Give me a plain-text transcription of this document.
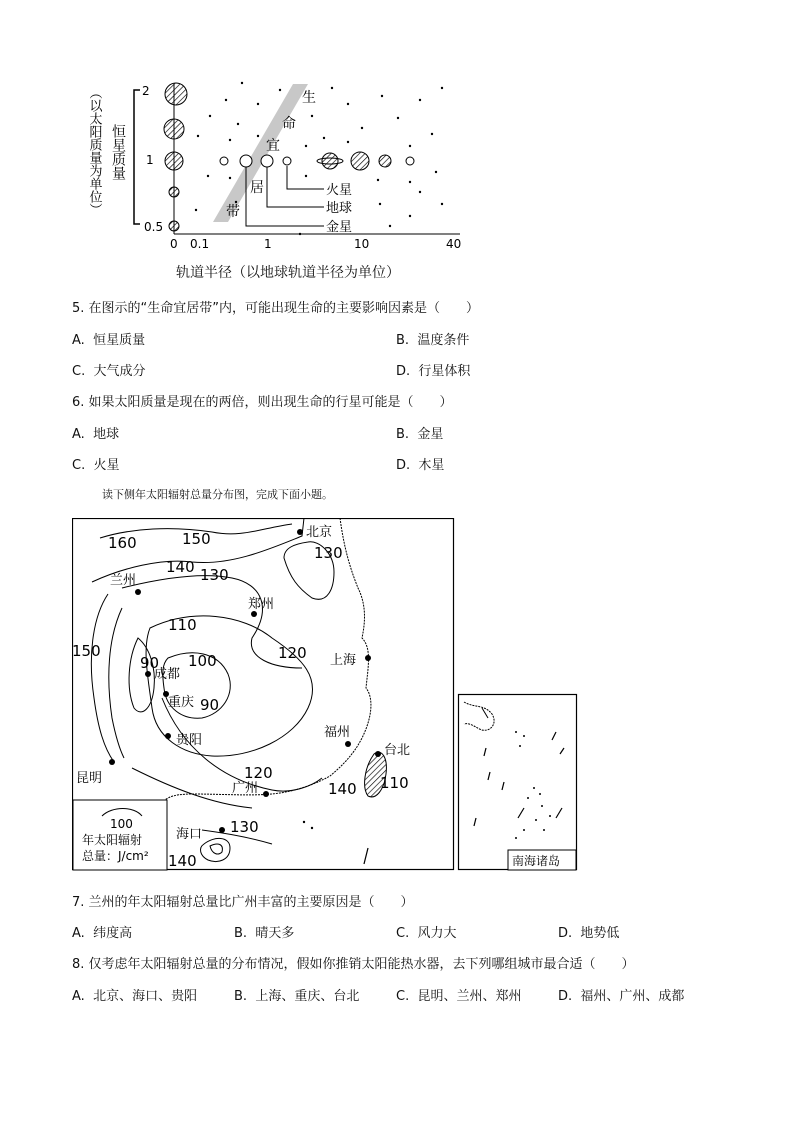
（以太阳质量为单位） 恒星质量
2
1
0.5
0 0.1	1	10	40
生
命
宜
居
带
火星
地球
金星
轨道半径（以地球轨道半径为单位）
5. 在图示的“生命宜居带”内，可能出现生命的主要影响因素是（　　）
A. 恒星质量	B. 温度条件
C. 大气成分	D. 行星体积
6. 如果太阳质量是现在的两倍，则出现生命的行星可能是（　　）
A. 地球	B. 金星
C. 火星	D. 木星
读下侧年太阳辐射总量分布图，完成下面小题。
北京
兰州
郑州
上海
成都
重庆
贵阳
福州
台北
昆明
广州
海口
160	150
140 130
130
110
120
150
90 100
90
120
140 110
130
140
100
年太阳辐射
总量：J/cm²	南海诸岛
7. 兰州的年太阳辐射总量比广州丰富的主要原因是（　　）
A. 纬度高	B. 晴天多	C. 风力大	D. 地势低
8. 仅考虑年太阳辐射总量的分布情况，假如你推销太阳能热水器，去下列哪组城市最合适（　　）
A. 北京、海口、贵阳	B. 上海、重庆、台北	C. 昆明、兰州、郑州	D. 福州、广州、成都
